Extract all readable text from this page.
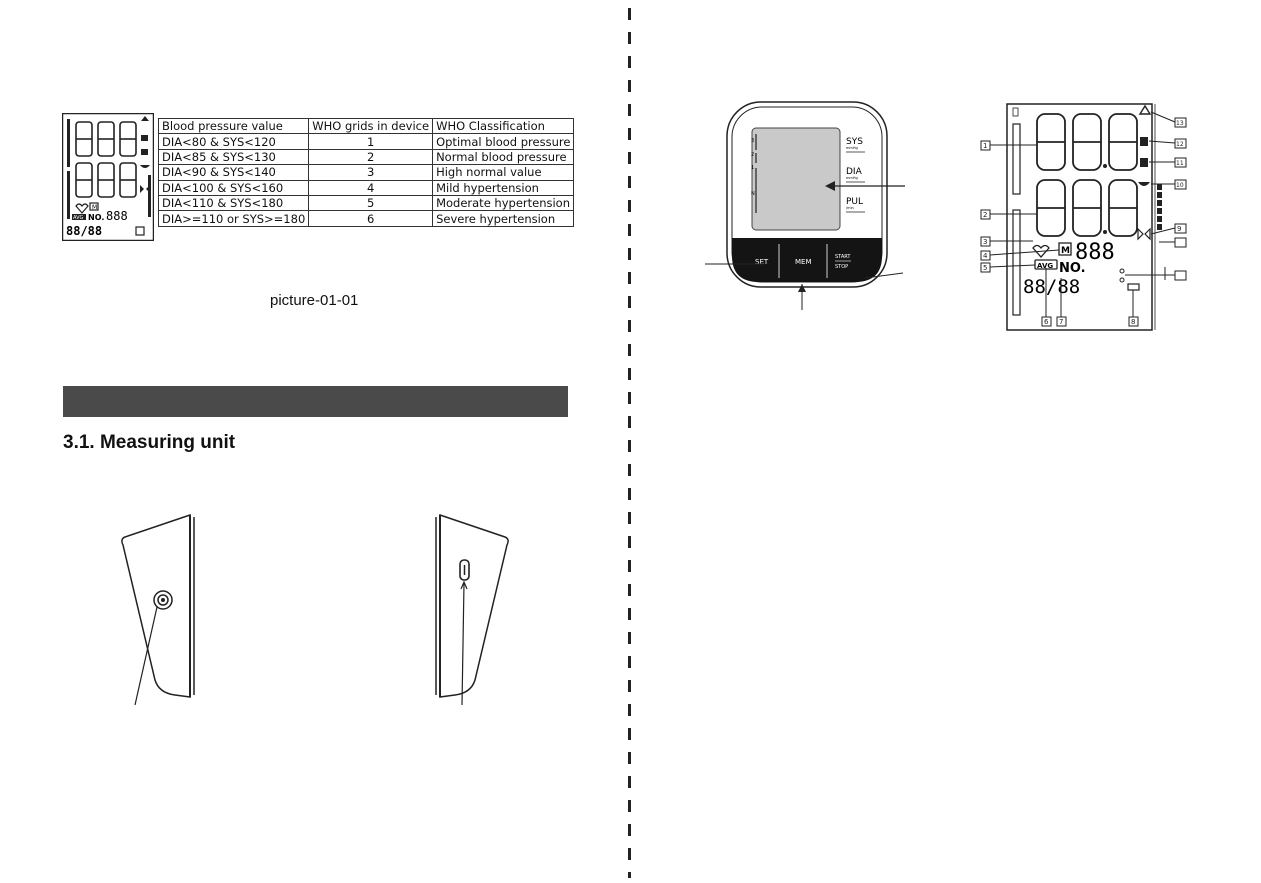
M
AVG NO. 888
88/88
Blood pressure value	WHO grids in device	WHO Classification
DIA<80 & SYS<120	1	Optimal blood pressure
DIA<85 & SYS<130	2	Normal blood pressure
DIA<90 & SYS<140	3	High normal value
DIA<100 & SYS<160	4	Mild hypertension
DIA<110 & SYS<180	5	Moderate hypertension
DIA>=110 or SYS>=180	6	Severe hypertension
picture-01-01
3.1. Measuring unit
3
2
1
N
SYS
mmHg
DIA
mmHg
PUL
/min
SET	MEM
START
STOP
M 888
AVG NO.
88/88
1
2
3
4
5
6 7	8
9
10
11
12
13
